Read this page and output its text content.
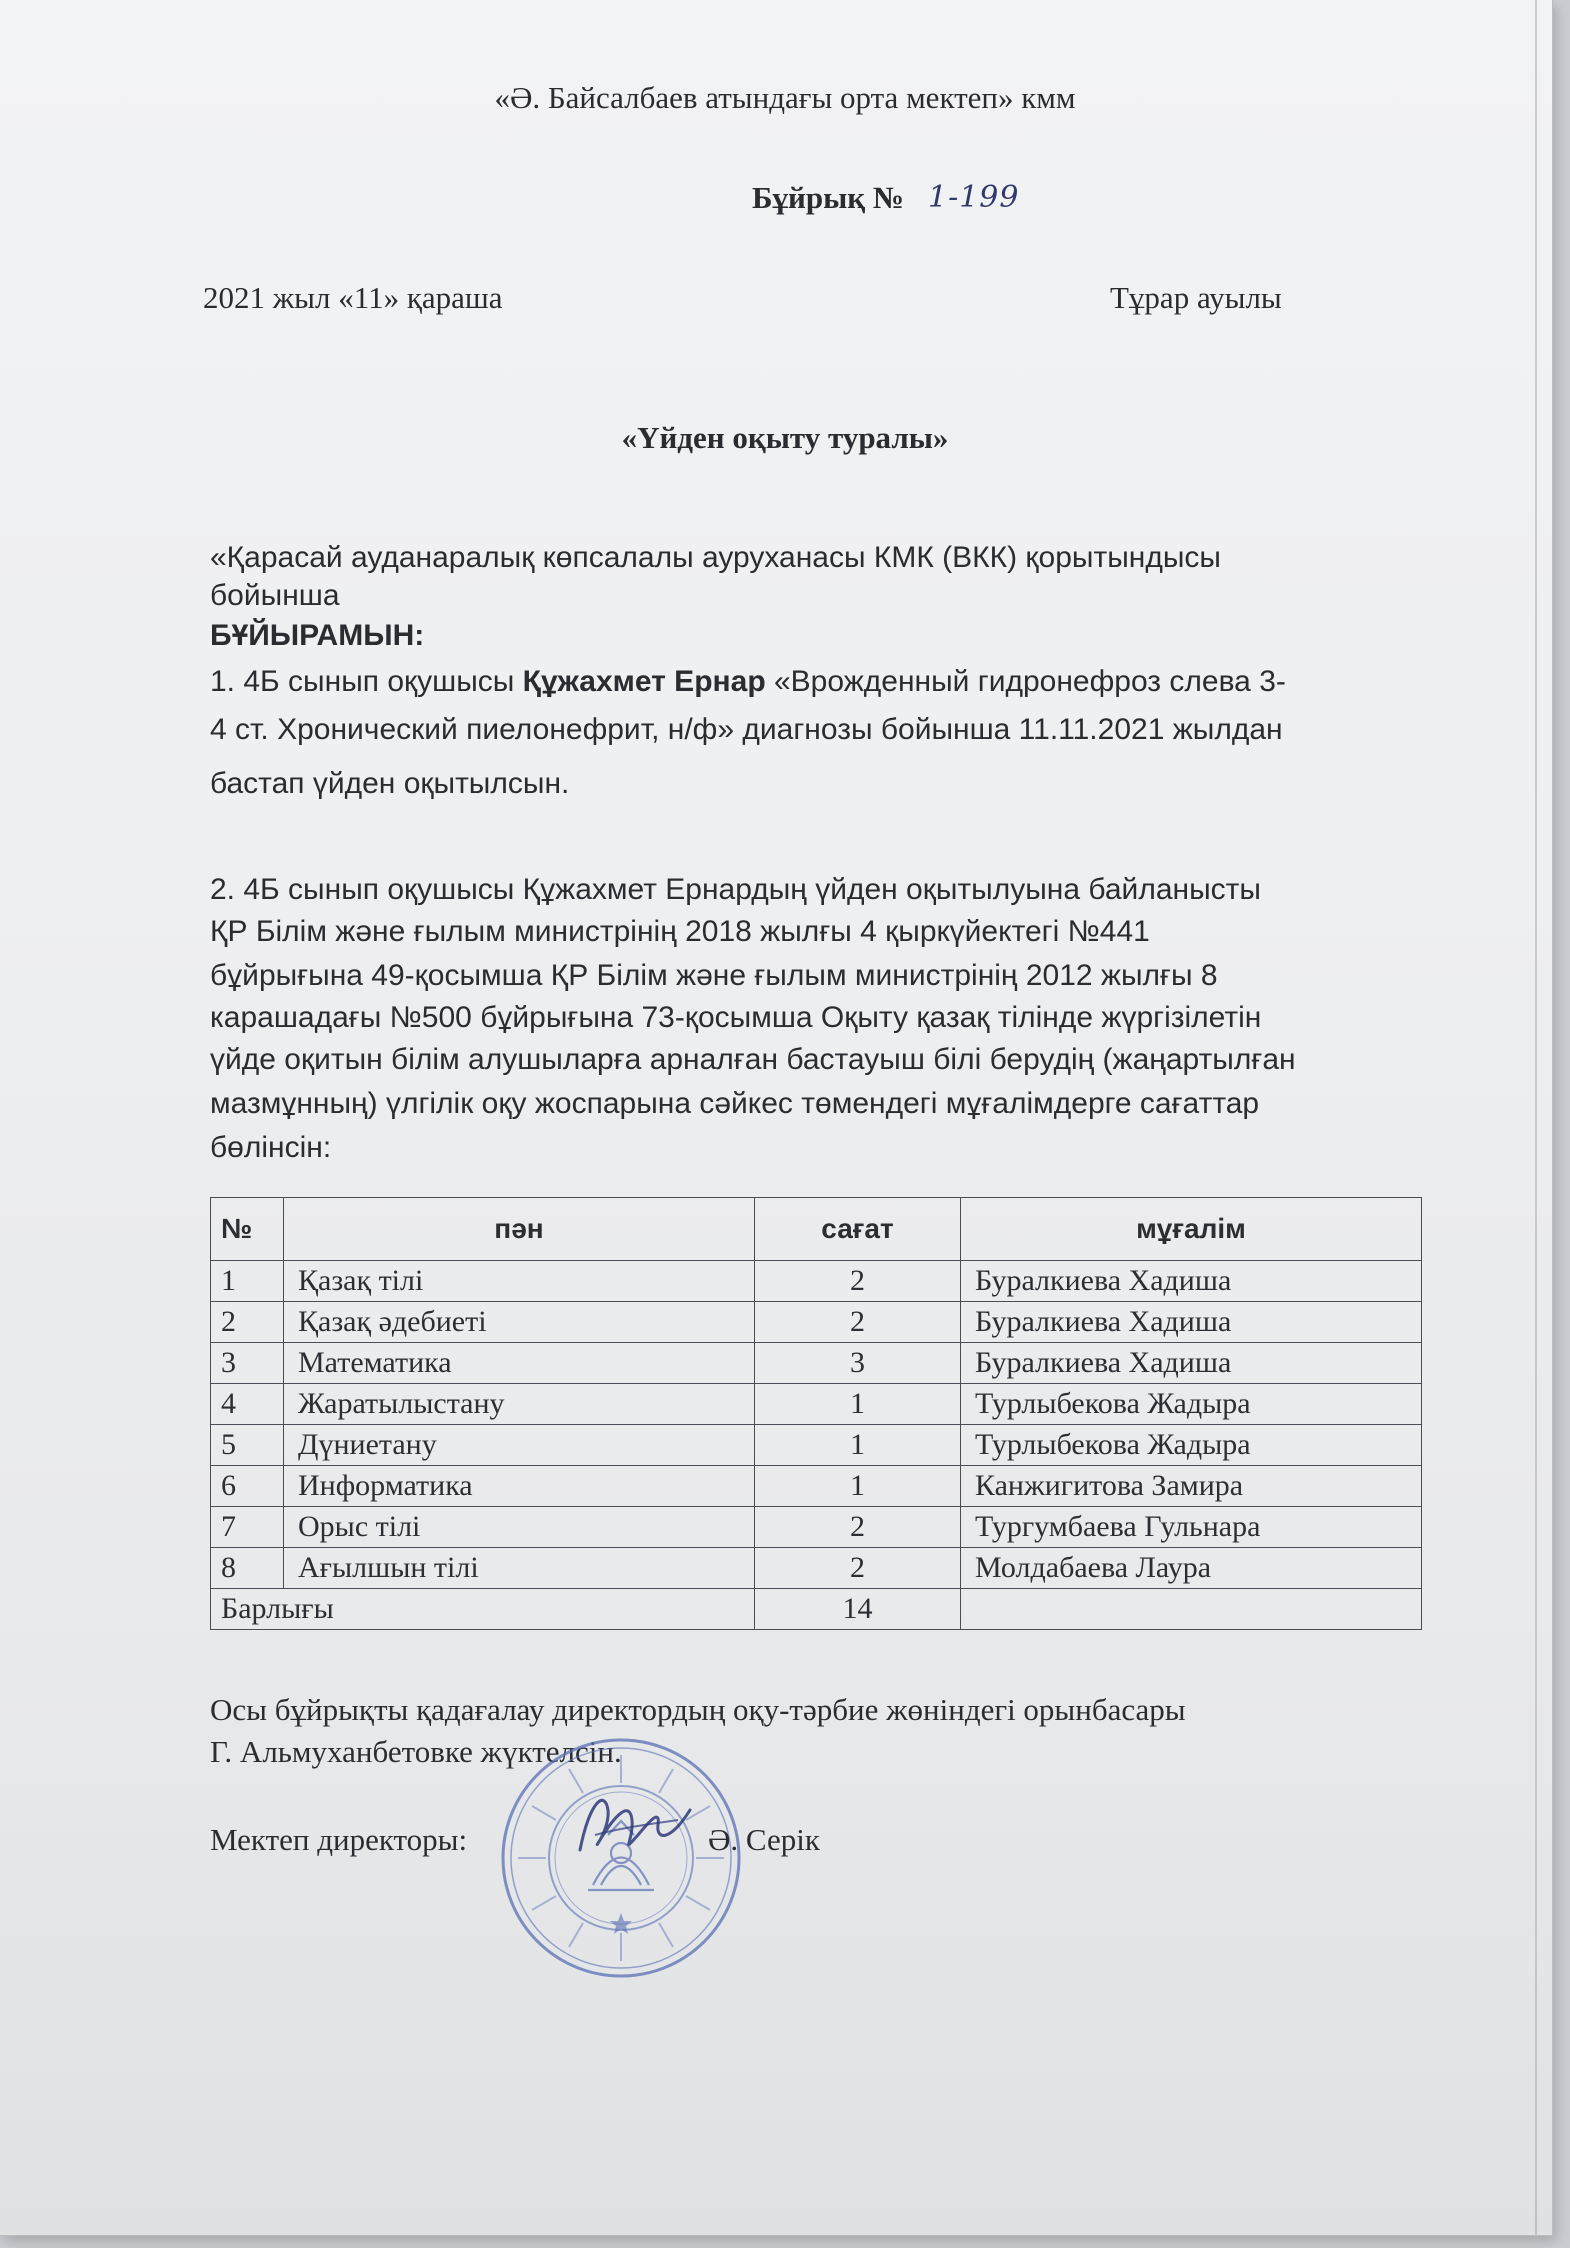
«Ә. Байсалбаев атындағы орта мектеп» кмм
Бұйрық № 1-199
2021 жыл «11» қараша	Тұрар ауылы
«Үйден оқыту туралы»
«Қарасай ауданаралық көпсалалы ауруханасы КМК (ВКК) қорытындысы
бойынша
БҰЙЫРАМЫН:
1. 4Б сынып оқушысы Құжахмет Ернар «Врожденный гидронефроз слева 3-
4 ст. Хронический пиелонефрит, н/ф» диагнозы бойынша 11.11.2021 жылдан
бастап үйден оқытылсын.
2. 4Б сынып оқушысы Құжахмет Ернардың үйден оқытылуына байланысты
ҚР Білім және ғылым министрінің 2018 жылғы 4 қыркүйектегі №441
бұйрығына 49-қосымша ҚР Білім және ғылым министрінің 2012 жылғы 8
карашадағы №500 бұйрығына 73-қосымша Оқыту қазақ тілінде жүргізілетін
үйде оқитын білім алушыларға арналған бастауыш білі берудің (жаңартылған
мазмұнның) үлгілік оқу жоспарына сәйкес төмендегі мұғалімдерге сағаттар
бөлінсін:
№	пән	сағат	мұғалім
1	Қазақ тілі	2	Буралкиева Хадиша
2	Қазақ әдебиеті	2	Буралкиева Хадиша
3	Математика	3	Буралкиева Хадиша
4	Жаратылыстану	1	Турлыбекова Жадыра
5	Дүниетану	1	Турлыбекова Жадыра
6	Информатика	1	Канжигитова Замира
7	Орыс тілі	2	Тургумбаева Гульнара
8	Ағылшын тілі	2	Молдабаева Лаура
Барлығы		14	
Осы бұйрықты қадағалау директордың оқу-тәрбие жөніндегі орынбасары
Г. Альмуханбетовке жүктелсін.
Мектеп директоры:	Ә. Серік
